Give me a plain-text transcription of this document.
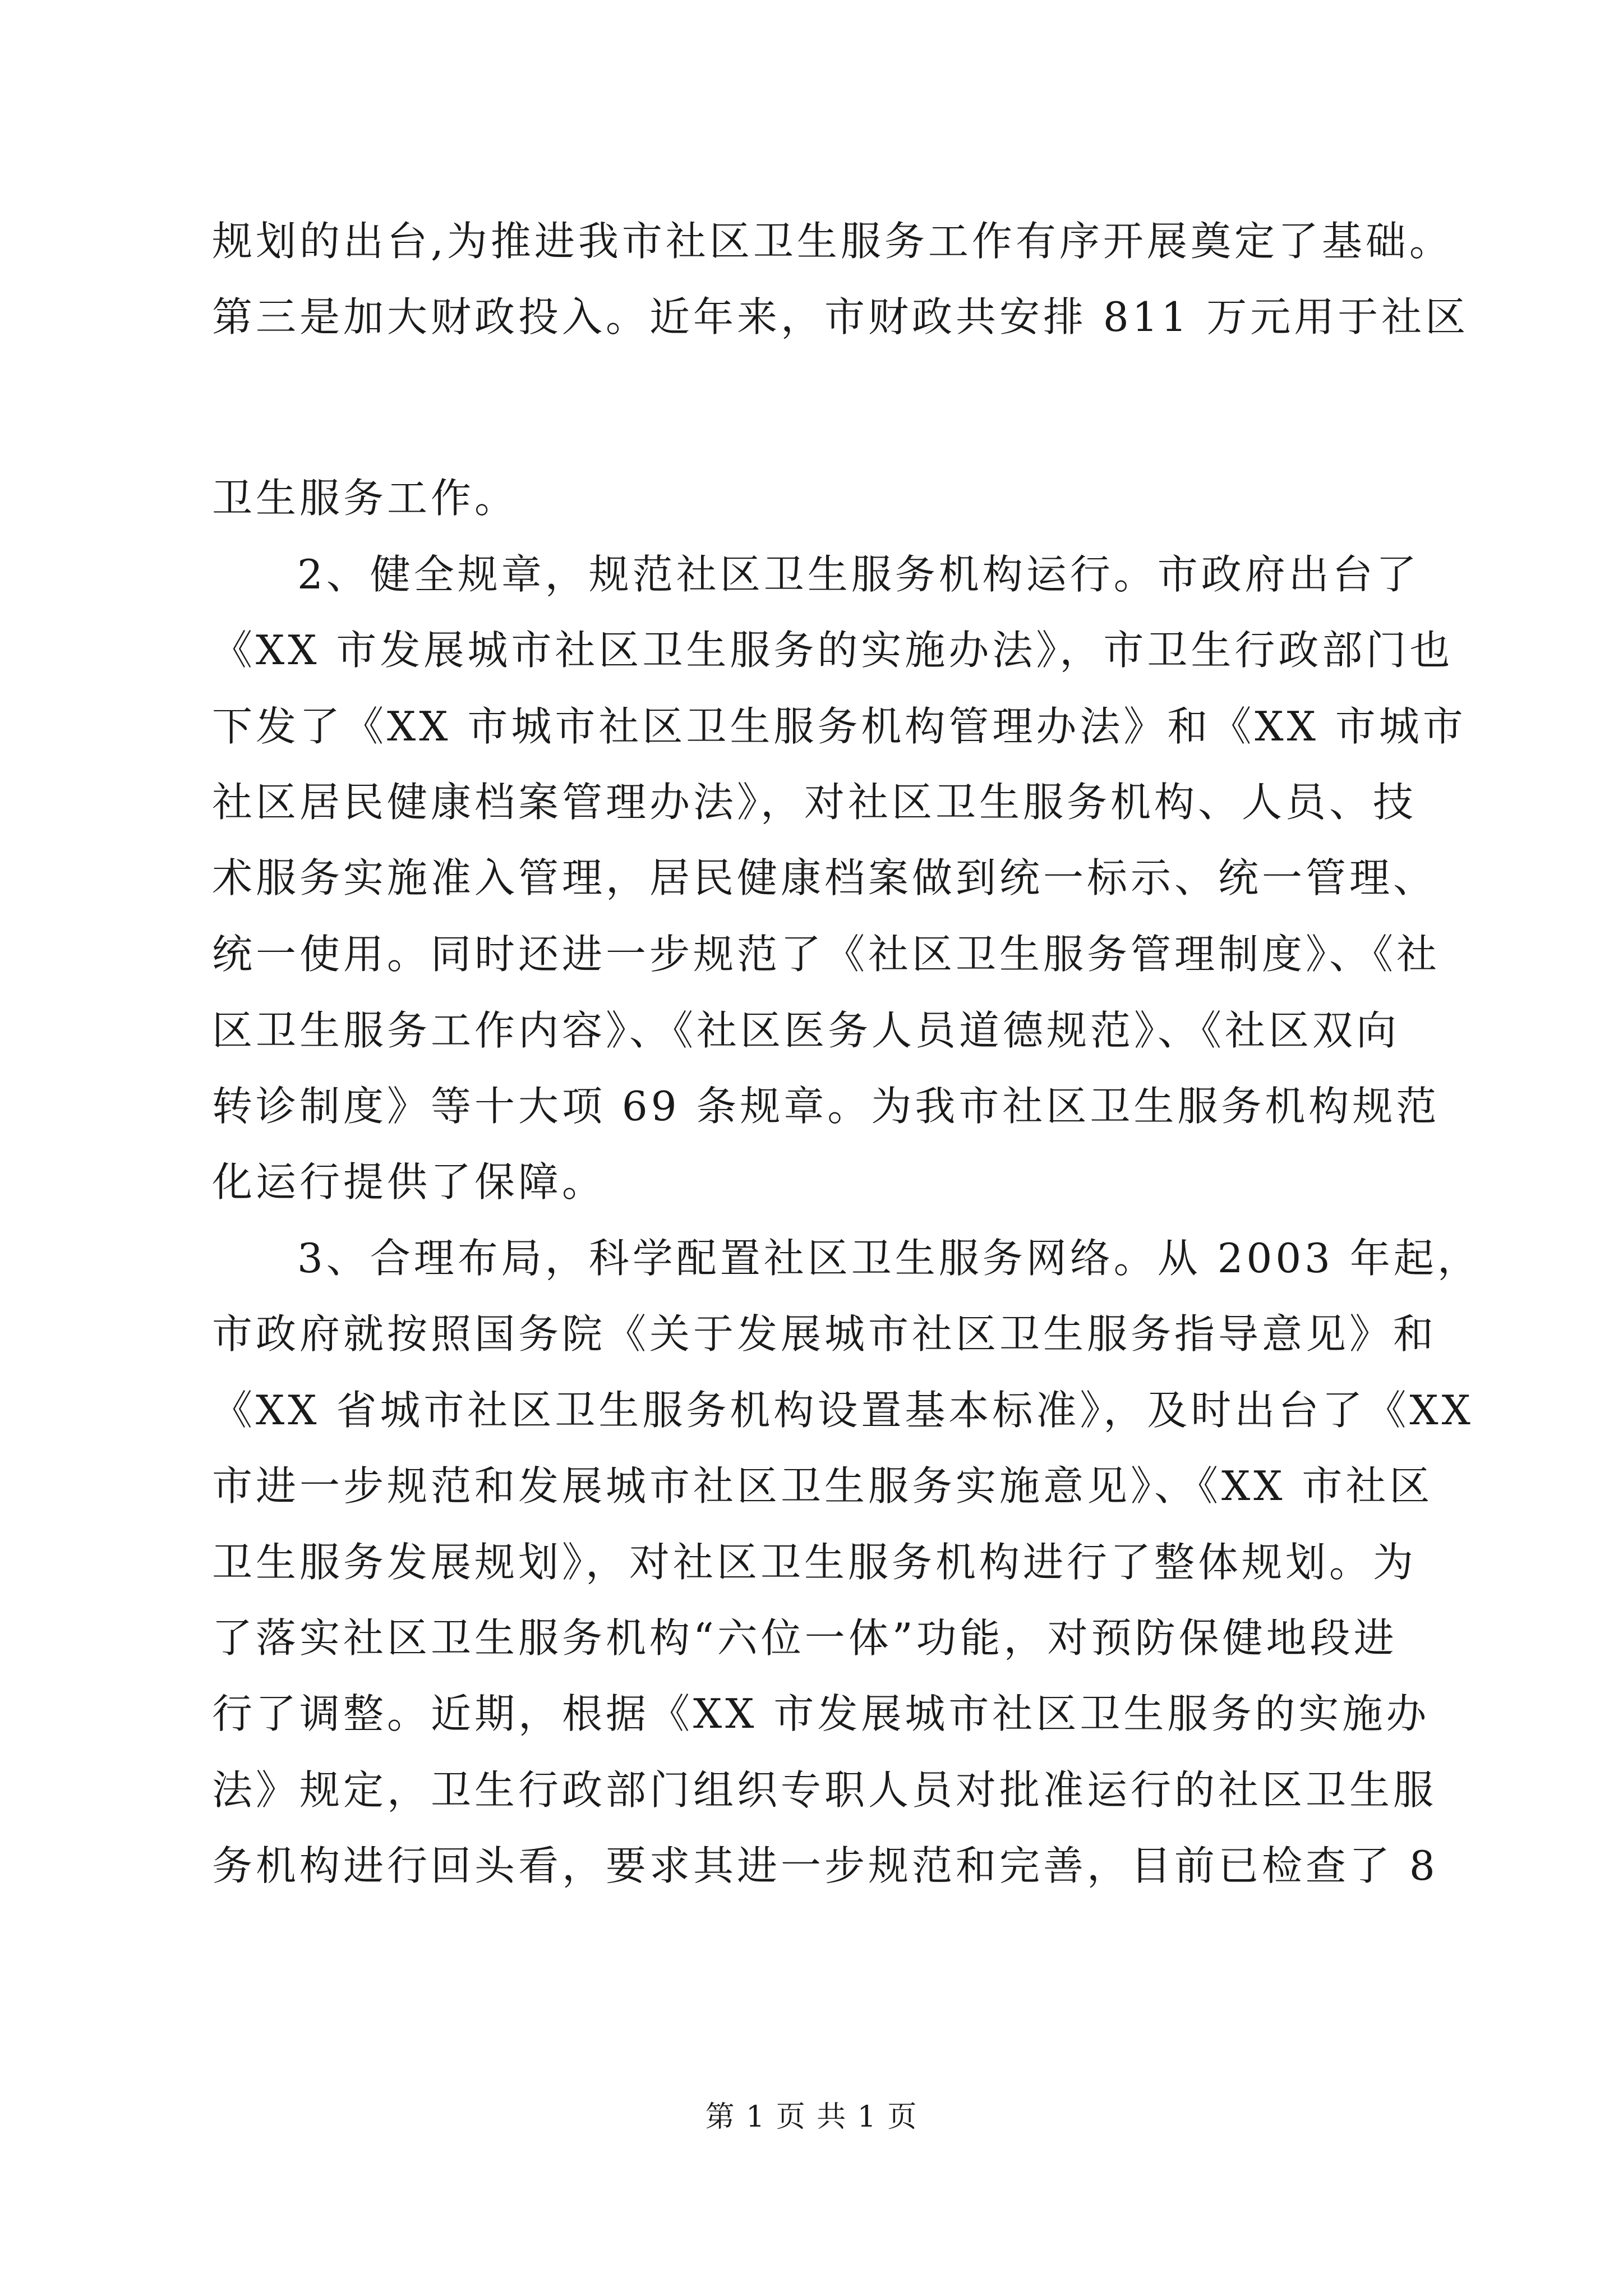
规划的出台,为推进我市社区卫生服务工作有序开展奠定了基础。
第三是加大财政投入。近年来，市财政共安排 811 万元用于社区
卫生服务工作。
2、健全规章，规范社区卫生服务机构运行。市政府出台了
《XX 市发展城市社区卫生服务的实施办法》，市卫生行政部门也
下发了《XX 市城市社区卫生服务机构管理办法》和《XX 市城市
社区居民健康档案管理办法》，对社区卫生服务机构、人员、技
术服务实施准入管理，居民健康档案做到统一标示、统一管理、
统一使用。同时还进一步规范了《社区卫生服务管理制度》、《社
区卫生服务工作内容》、《社区医务人员道德规范》、《社区双向
转诊制度》等十大项 69 条规章。为我市社区卫生服务机构规范
化运行提供了保障。
3、合理布局，科学配置社区卫生服务网络。从 2003 年起，
市政府就按照国务院《关于发展城市社区卫生服务指导意见》和
《XX 省城市社区卫生服务机构设置基本标准》，及时出台了《XX
市进一步规范和发展城市社区卫生服务实施意见》、《XX 市社区
卫生服务发展规划》，对社区卫生服务机构进行了整体规划。为
了落实社区卫生服务机构“六位一体”功能，对预防保健地段进
行了调整。近期，根据《XX 市发展城市社区卫生服务的实施办
法》规定，卫生行政部门组织专职人员对批准运行的社区卫生服
务机构进行回头看，要求其进一步规范和完善，目前已检查了 8
第 1 页 共 1 页
